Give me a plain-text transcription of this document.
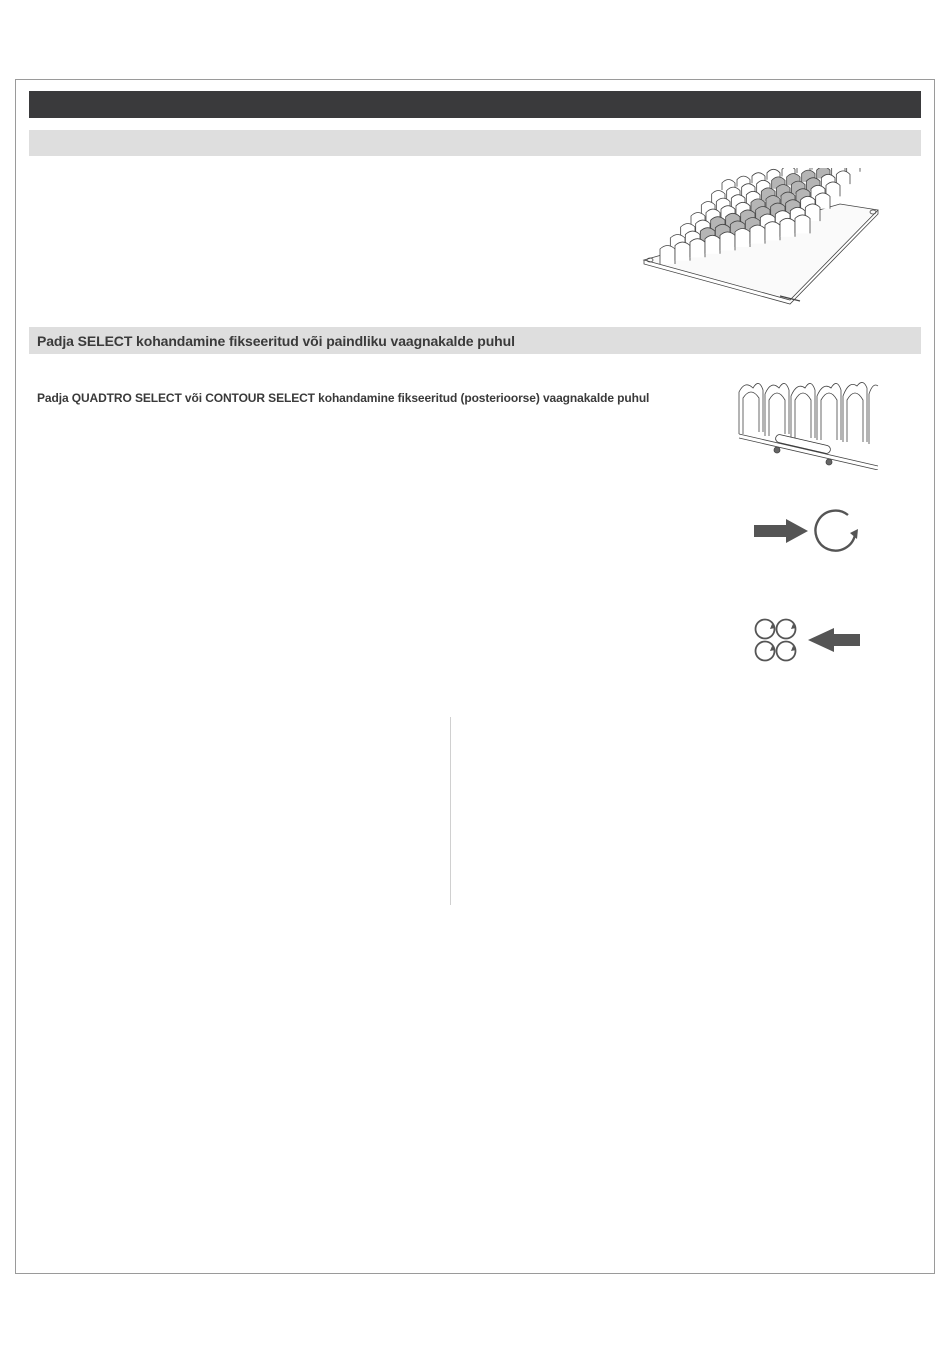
Padja SELECT kohandamine fikseeritud või paindliku vaagnakalde puhul
Padja QUADTRO SELECT või CONTOUR SELECT kohandamine fikseeritud (posterioorse) vaagnakalde puhul
